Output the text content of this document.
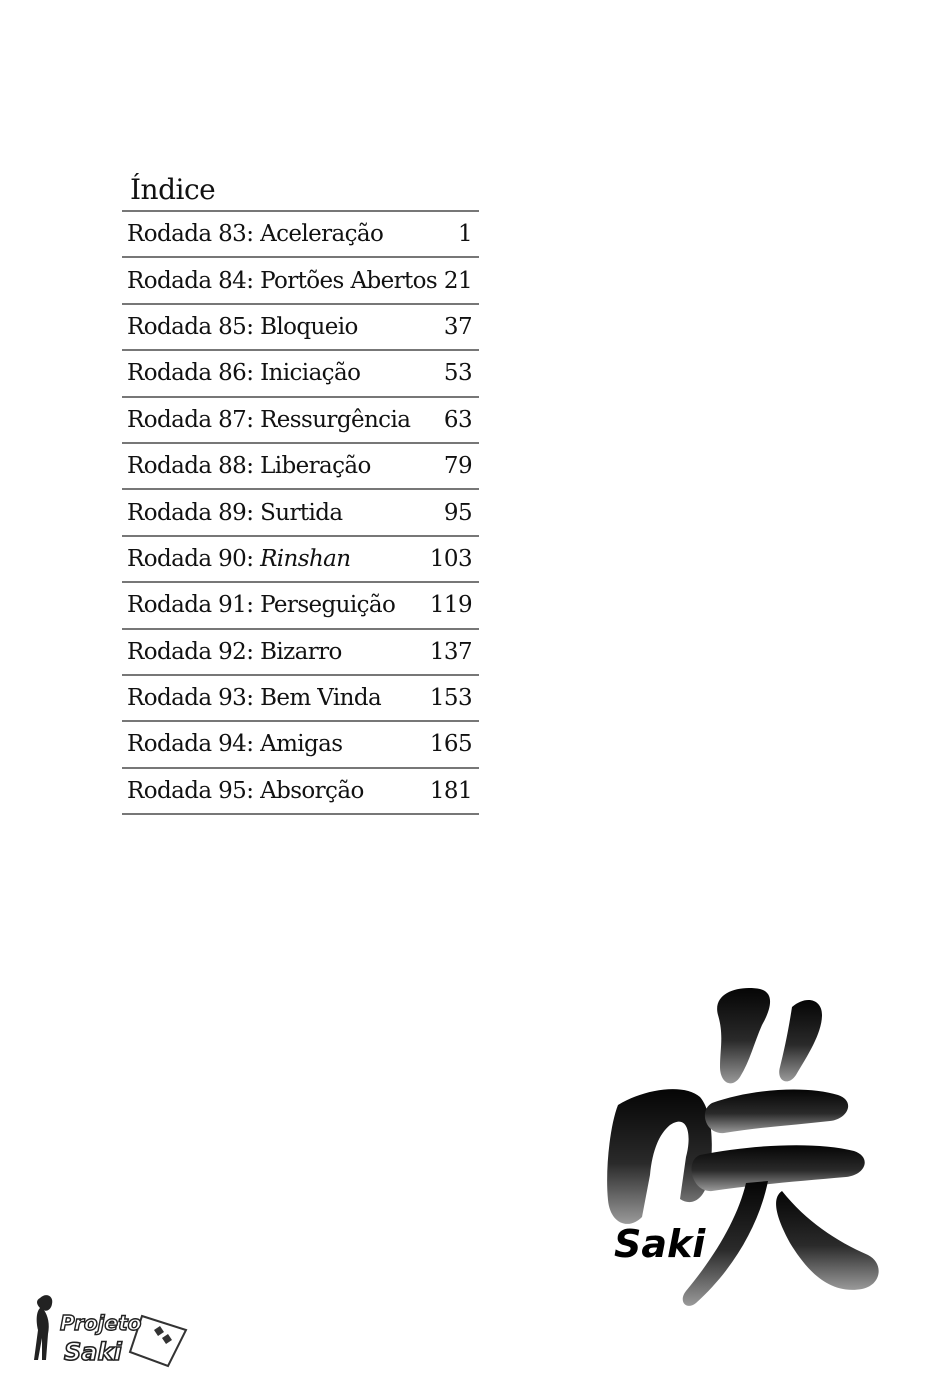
Índice
Rodada 83: Aceleração	1
Rodada 84: Portões Abertos 21
Rodada 85: Bloqueio	37
Rodada 86: Iniciação	53
Rodada 87: Ressurgência 63
Rodada 88: Liberação	79
Rodada 89: Surtida	95
Rodada 90: Rinshan	103
Rodada 91: Perseguição 119
Rodada 92: Bizarro	137
Rodada 93: Bem Vinda 153
Rodada 94: Amigas	165
Rodada 95: Absorção	181
Saki
Projeto
Saki
